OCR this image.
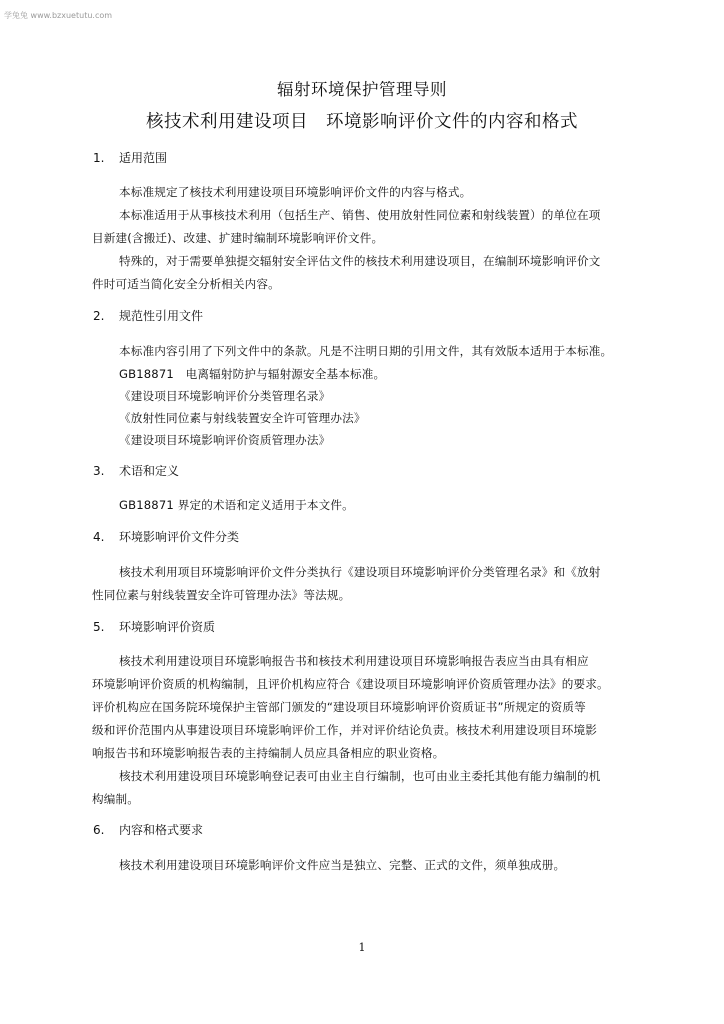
学兔兔 www.bzxuetutu.com
辐射环境保护管理导则
核技术利用建设项目　环境影响评价文件的内容和格式
1. 适用范围
本标准规定了核技术利用建设项目环境影响评价文件的内容与格式。
本标准适用于从事核技术利用（包括生产、销售、使用放射性同位素和射线装置）的单位在项
目新建(含搬迁)、改建、扩建时编制环境影响评价文件。
特殊的，对于需要单独提交辐射安全评估文件的核技术利用建设项目，在编制环境影响评价文
件时可适当简化安全分析相关内容。
2. 规范性引用文件
本标准内容引用了下列文件中的条款。凡是不注明日期的引用文件，其有效版本适用于本标准。
GB18871　电离辐射防护与辐射源安全基本标准。
《建设项目环境影响评价分类管理名录》
《放射性同位素与射线装置安全许可管理办法》
《建设项目环境影响评价资质管理办法》
3. 术语和定义
GB18871 界定的术语和定义适用于本文件。
4. 环境影响评价文件分类
核技术利用项目环境影响评价文件分类执行《建设项目环境影响评价分类管理名录》和《放射
性同位素与射线装置安全许可管理办法》等法规。
5. 环境影响评价资质
核技术利用建设项目环境影响报告书和核技术利用建设项目环境影响报告表应当由具有相应
环境影响评价资质的机构编制，且评价机构应符合《建设项目环境影响评价资质管理办法》的要求。
评价机构应在国务院环境保护主管部门颁发的“建设项目环境影响评价资质证书”所规定的资质等
级和评价范围内从事建设项目环境影响评价工作，并对评价结论负责。核技术利用建设项目环境影
响报告书和环境影响报告表的主持编制人员应具备相应的职业资格。
核技术利用建设项目环境影响登记表可由业主自行编制，也可由业主委托其他有能力编制的机
构编制。
6. 内容和格式要求
核技术利用建设项目环境影响评价文件应当是独立、完整、正式的文件，须单独成册。
1
